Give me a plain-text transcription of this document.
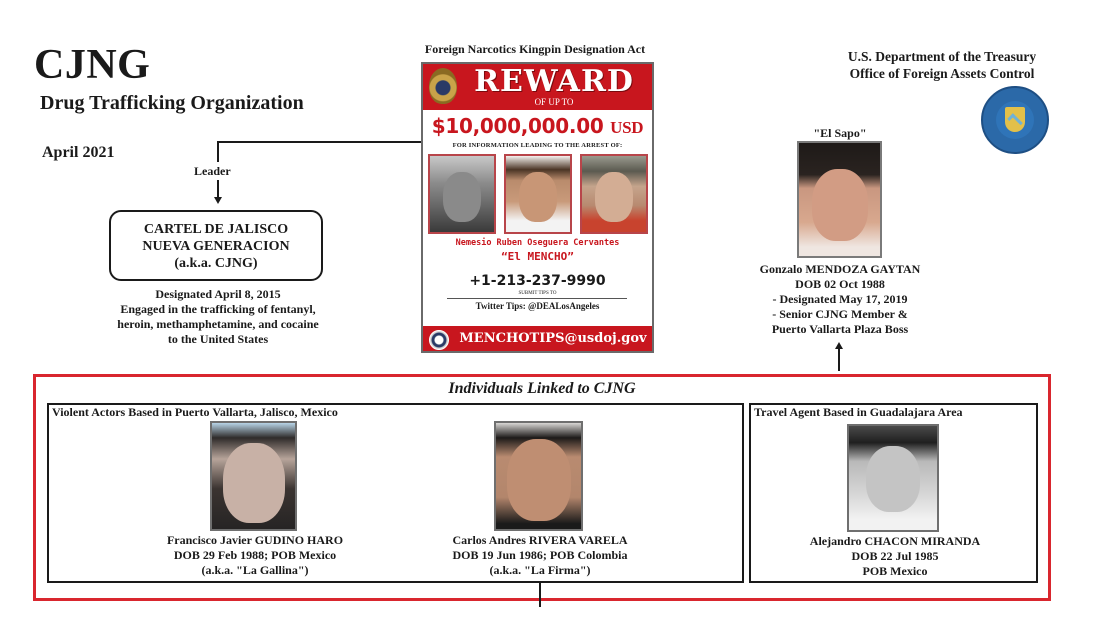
CJNG
Drug Trafficking Organization
April 2021
Leader
CARTEL DE JALISCO
NUEVA GENERACION
(a.k.a. CJNG)
Designated April 8, 2015
Engaged in the trafficking of fentanyl,
heroin, methamphetamine, and cocaine
to the United States
Foreign Narcotics Kingpin Designation Act
REWARD
OF UP TO
$10,000,000.00 USD
FOR INFORMATION LEADING TO THE ARREST OF:
Nemesio Ruben Oseguera Cervantes
“El MENCHO”
+1-213-237-9990
SUBMIT TIPS TO
Twitter Tips: @DEALosAngeles
MENCHOTIPS@usdoj.gov
U.S. Department of the Treasury
Office of Foreign Assets Control
"El Sapo"
Gonzalo MENDOZA GAYTAN
DOB 02 Oct 1988
- Designated May 17, 2019
- Senior CJNG Member &
Puerto Vallarta Plaza Boss
Individuals Linked to CJNG
Violent Actors Based in Puerto Vallarta, Jalisco, Mexico	Travel Agent Based in Guadalajara Area
Francisco Javier GUDINO HARO
DOB 29 Feb 1988; POB Mexico
(a.k.a. "La Gallina")
Carlos Andres RIVERA VARELA
DOB 19 Jun 1986; POB Colombia
(a.k.a. "La Firma")
Alejandro CHACON MIRANDA
DOB 22 Jul 1985
POB Mexico
